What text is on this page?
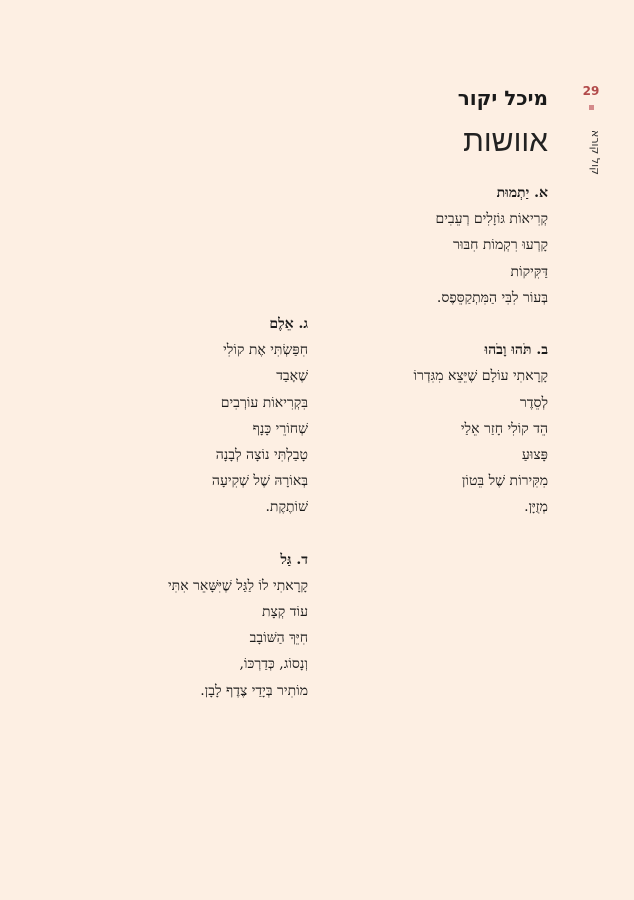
29
קול קורא
מיכל יקור
אוושות

א. יַתְמוּת

קְרִיאוֹת גּוֹזָלִים רְעֵבִים

קָרְעוּ רִקְמוֹת חִבּוּר

דַּקִּיקוֹת

בְּעוֹר לִבִּי הַמִּתְקַסֵּפֶס.

ב. תֹּהוּ וָבֹהוּ

קָרָאתִי עוֹלָם שֶׁיֵּצֵא מִגִּדְרוֹ

לְסֵדֶר

הֵד קוֹלִי חָזַר אֵלַי

פָּצוּעַ

מִקִּירוֹת שֶׁל בֵּטוֹן

מְזֻיָּן.

ג. אֵלֶם

חִפַּשְׂתִּי אֶת קוֹלִי

שֶׁאָבַד

בִּקְרִיאוֹת עוֹרְבִים

שְׁחוֹרֵי כָּנָף

טָבַלְתִּי נוֹצָה לְבָנָה

בְּאוֹרָהּ שֶׁל שְׁקִיעָה

שׁוֹתֶקֶת.

ד. גַּל

קָרָאתִי לוֹ לַגַּל שֶׁיִּשָּׁאֵר אִתִּי

עוֹד קְצָת

חִיֵּךְ הַשּׁוֹבָב

וְנָסוֹג, כְּדַרְכּוֹ,

מוֹתִיר בְּיָדַי צֶדֶף לָבָן.
